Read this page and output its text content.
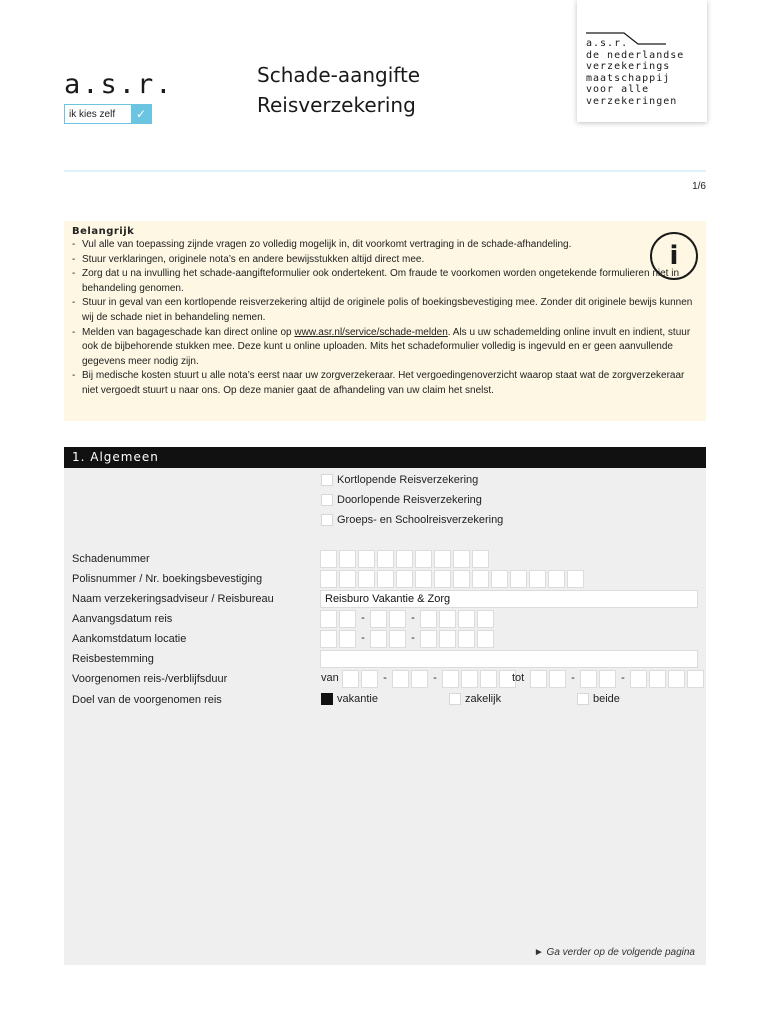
a.s.r.
ik kies zelf	✓
Schade-aangifte
Reisverzekering
a.s.r.
de nederlandse
verzekerings
maatschappij
voor alle
verzekeringen
1/6
Belangrijk
- Vul alle van toepassing zijnde vragen zo volledig mogelijk in, dit voorkomt vertraging in de schade-afhandeling.
- Stuur verklaringen, originele nota’s en andere bewijsstukken altijd direct mee.
- Zorg dat u na invulling het schade-aangifteformulier ook ondertekent. Om fraude te voorkomen worden ongetekende formulieren niet in behandeling genomen.
- Stuur in geval van een kortlopende reisverzekering altijd de originele polis of boekingsbevestiging mee. Zonder dit originele bewijs kunnen wij de schade niet in behandeling nemen.
- Melden van bagageschade kan direct online op www.asr.nl/service/schade-melden. Als u uw schademelding online invult en indient, stuur ook de bijbehorende stukken mee. Deze kunt u online uploaden. Mits het schadeformulier volledig is ingevuld en er geen aanvullende gegevens meer nodig zijn.
- Bij medische kosten stuurt u alle nota’s eerst naar uw zorgverzekeraar. Het vergoedingenoverzicht waarop staat wat de zorgverzekeraar niet vergoedt stuurt u naar ons. Op deze manier gaat de afhandeling van uw claim het snelst.
i
1. Algemeen
Kortlopende Reisverzekering
Doorlopende Reisverzekering
Groeps- en Schoolreisverzekering
Schadenummer
Polisnummer / Nr. boekingsbevestiging
Naam verzekeringsadviseur / Reisbureau	Reisburo Vakantie & Zorg
Aanvangsdatum reis	-	-
Aankomstdatum locatie	-	-
Reisbestemming
Voorgenomen reis-/verblijfsduur	van	-	-	tot	-	-
Doel van de voorgenomen reis	vakantie	zakelijk	beide
► Ga verder op de volgende pagina
